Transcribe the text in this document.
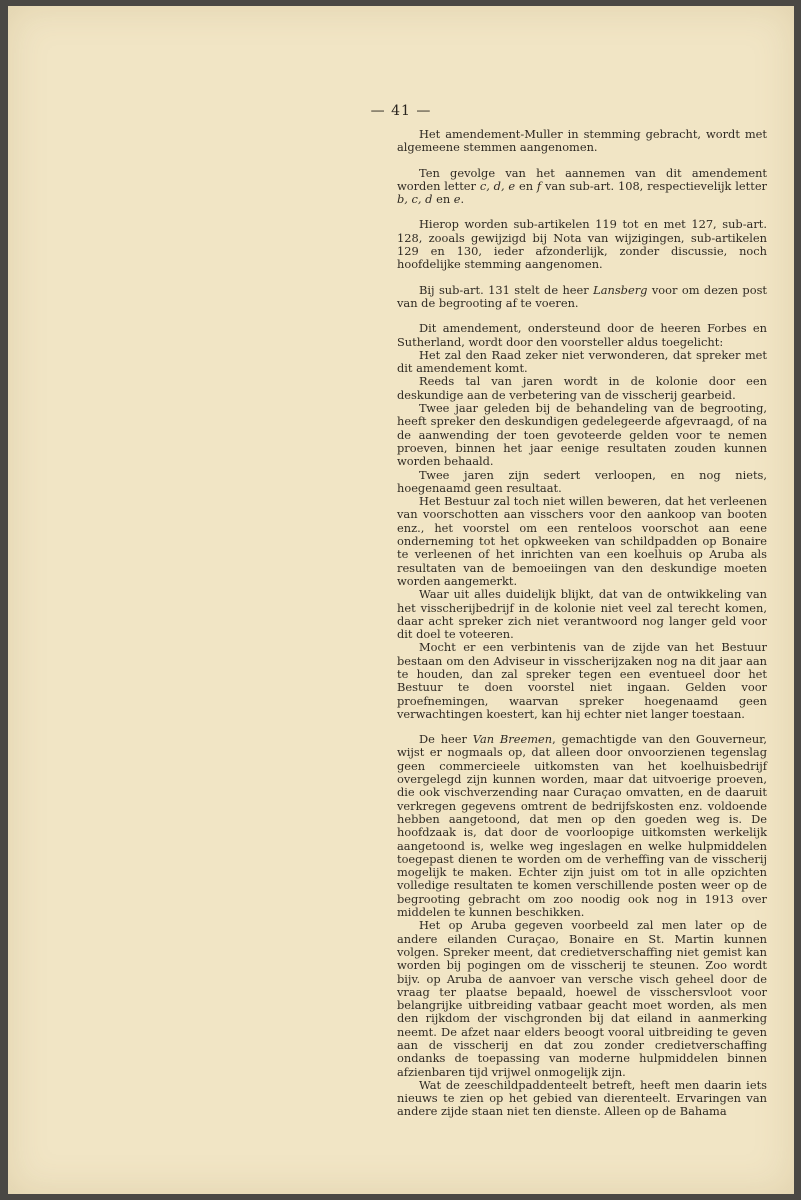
— 41 —

Het amendement-Muller in stemming gebracht, wordt met algemeene stemmen aangenomen.

Ten gevolge van het aannemen van dit amendement worden letter c, d, e en f van sub-art. 108, respectievelijk letter b, c, d en e.

Hierop worden sub-artikelen 119 tot en met 127, sub-art. 128, zooals gewijzigd bij Nota van wijzigingen, sub-artikelen 129 en 130, ieder afzonderlijk, zonder discussie, noch hoofdelijke stemming aangenomen.

Bij sub-art. 131 stelt de heer Lansberg voor om dezen post van de begrooting af te voeren.

Dit amendement, ondersteund door de heeren Forbes en Sutherland, wordt door den voorsteller aldus toegelicht:

Het zal den Raad zeker niet verwonderen, dat spreker met dit amendement komt.

Reeds tal van jaren wordt in de kolonie door een deskundige aan de verbetering van de visscherij gearbeid.

Twee jaar geleden bij de behandeling van de begrooting, heeft spreker den deskundigen gedelegeerde afgevraagd, of na de aanwending der toen gevoteerde gelden voor te nemen proeven, binnen het jaar eenige resultaten zouden kunnen worden behaald.

Twee jaren zijn sedert verloopen, en nog niets, hoegenaamd geen resultaat.

Het Bestuur zal toch niet willen beweren, dat het verleenen van voorschotten aan visschers voor den aankoop van booten enz., het voorstel om een renteloos voorschot aan eene onderneming tot het opkweeken van schildpadden op Bonaire te verleenen of het inrichten van een koelhuis op Aruba als resultaten van de bemoeiingen van den deskundige moeten worden aangemerkt.

Waar uit alles duidelijk blijkt, dat van de ontwikkeling van het visscherijbedrijf in de kolonie niet veel zal terecht komen, daar acht spreker zich niet verantwoord nog langer geld voor dit doel te voteeren.

Mocht er een verbintenis van de zijde van het Bestuur bestaan om den Adviseur in visscherijzaken nog na dit jaar aan te houden, dan zal spreker tegen een eventueel door het Bestuur te doen voorstel niet ingaan. Gelden voor proefnemingen, waarvan spreker hoegenaamd geen verwachtingen koestert, kan hij echter niet langer toestaan.

De heer Van Breemen, gemachtigde van den Gouverneur, wijst er nogmaals op, dat alleen door onvoorzienen tegenslag geen commercieele uitkomsten van het koelhuisbedrijf overgelegd zijn kunnen worden, maar dat uitvoerige proeven, die ook vischverzending naar Curaçao omvatten, en de daaruit verkregen gegevens omtrent de bedrijfskosten enz. voldoende hebben aangetoond, dat men op den goeden weg is. De hoofdzaak is, dat door de voorloopige uitkomsten werkelijk aangetoond is, welke weg ingeslagen en welke hulpmiddelen toegepast dienen te worden om de verheffing van de visscherij mogelijk te maken. Echter zijn juist om tot in alle opzichten volledige resultaten te komen verschillende posten weer op de begrooting gebracht om zoo noodig ook nog in 1913 over middelen te kunnen beschikken.

Het op Aruba gegeven voorbeeld zal men later op de andere eilanden Curaçao, Bonaire en St. Martin kunnen volgen. Spreker meent, dat credietverschaffing niet gemist kan worden bij pogingen om de visscherij te steunen. Zoo wordt bijv. op Aruba de aanvoer van versche visch geheel door de vraag ter plaatse bepaald, hoewel de visschersvloot voor belangrijke uitbreiding vatbaar geacht moet worden, als men den rijkdom der vischgronden bij dat eiland in aanmerking neemt. De afzet naar elders beoogt vooral uitbreiding te geven aan de visscherij en dat zou zonder credietverschaffing ondanks de toepassing van moderne hulpmiddelen binnen afzienbaren tijd vrijwel onmogelijk zijn.

Wat de zeeschildpaddenteelt betreft, heeft men daarin iets nieuws te zien op het gebied van dierenteelt. Ervaringen van andere zijde staan niet ten dienste. Alleen op de Bahama
